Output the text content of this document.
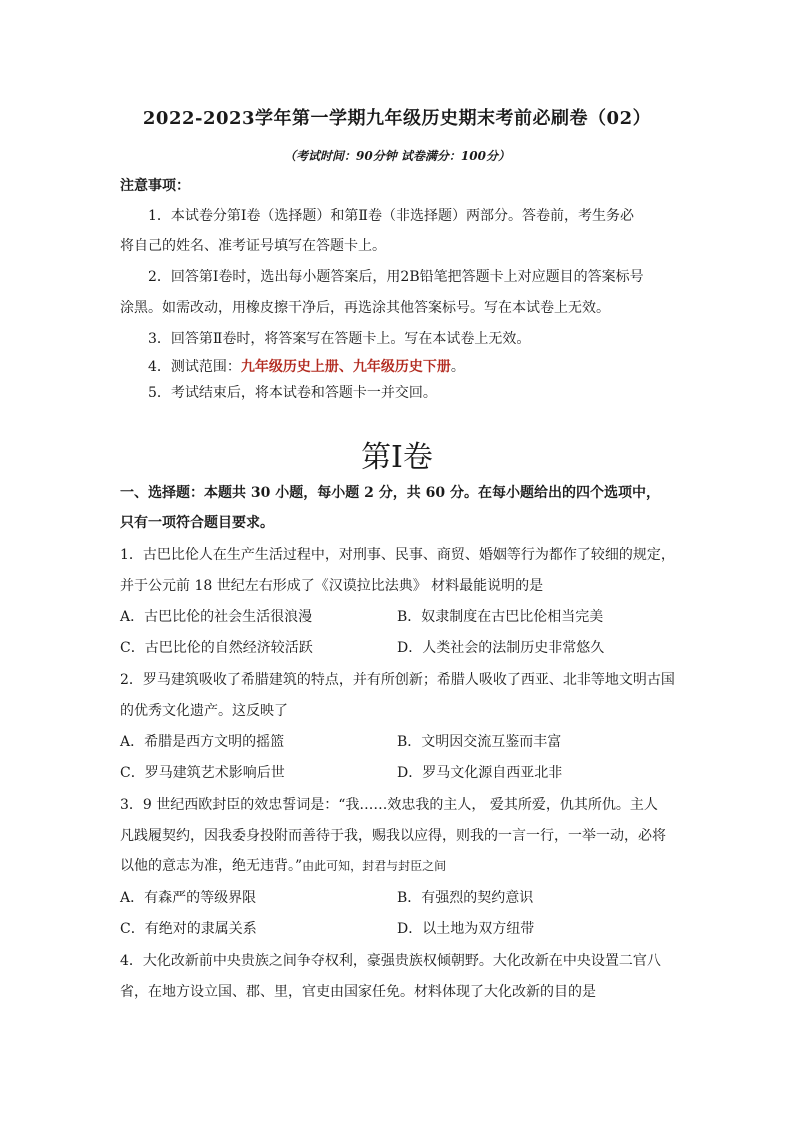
2022-2023学年第一学期九年级历史期末考前必刷卷（02）
（考试时间：90分钟 试卷满分：100分）
注意事项：
1．本试卷分第Ⅰ卷（选择题）和第Ⅱ卷（非选择题）两部分。答卷前，考生务必
将自己的姓名、准考证号填写在答题卡上。
2．回答第Ⅰ卷时，选出每小题答案后，用2B铅笔把答题卡上对应题目的答案标号
涂黑。如需改动，用橡皮擦干净后，再选涂其他答案标号。写在本试卷上无效。
3．回答第Ⅱ卷时，将答案写在答题卡上。写在本试卷上无效。
4．测试范围：九年级历史上册、九年级历史下册。
5．考试结束后，将本试卷和答题卡一并交回。
第Ⅰ卷
一、选择题：本题共 30 小题，每小题 2 分，共 60 分。在每小题给出的四个选项中，
只有一项符合题目要求。
1．古巴比伦人在生产生活过程中，对刑事、民事、商贸、婚姻等行为都作了较细的规定，
并于公元前 18 世纪左右形成了《汉谟拉比法典》 材料最能说明的是
A．古巴比伦的社会生活很浪漫	B．奴隶制度在古巴比伦相当完美
C．古巴比伦的自然经济较活跃	D．人类社会的法制历史非常悠久
2．罗马建筑吸收了希腊建筑的特点，并有所创新；希腊人吸收了西亚、北非等地文明古国
的优秀文化遗产。这反映了
A．希腊是西方文明的摇篮	B．文明因交流互鉴而丰富
C．罗马建筑艺术影响后世	D．罗马文化源自西亚北非
3．9 世纪西欧封臣的效忠誓词是：“我……效忠我的主人， 爱其所爱，仇其所仇。主人
凡践履契约，因我委身投附而善待于我，赐我以应得，则我的一言一行，一举一动，必将
以他的意志为准，绝无违背。”由此可知，封君与封臣之间
A．有森严的等级界限	B．有强烈的契约意识
C．有绝对的隶属关系	D．以土地为双方纽带
4．大化改新前中央贵族之间争夺权利，豪强贵族权倾朝野。大化改新在中央设置二官八
省，在地方设立国、郡、里，官吏由国家任免。材料体现了大化改新的目的是
